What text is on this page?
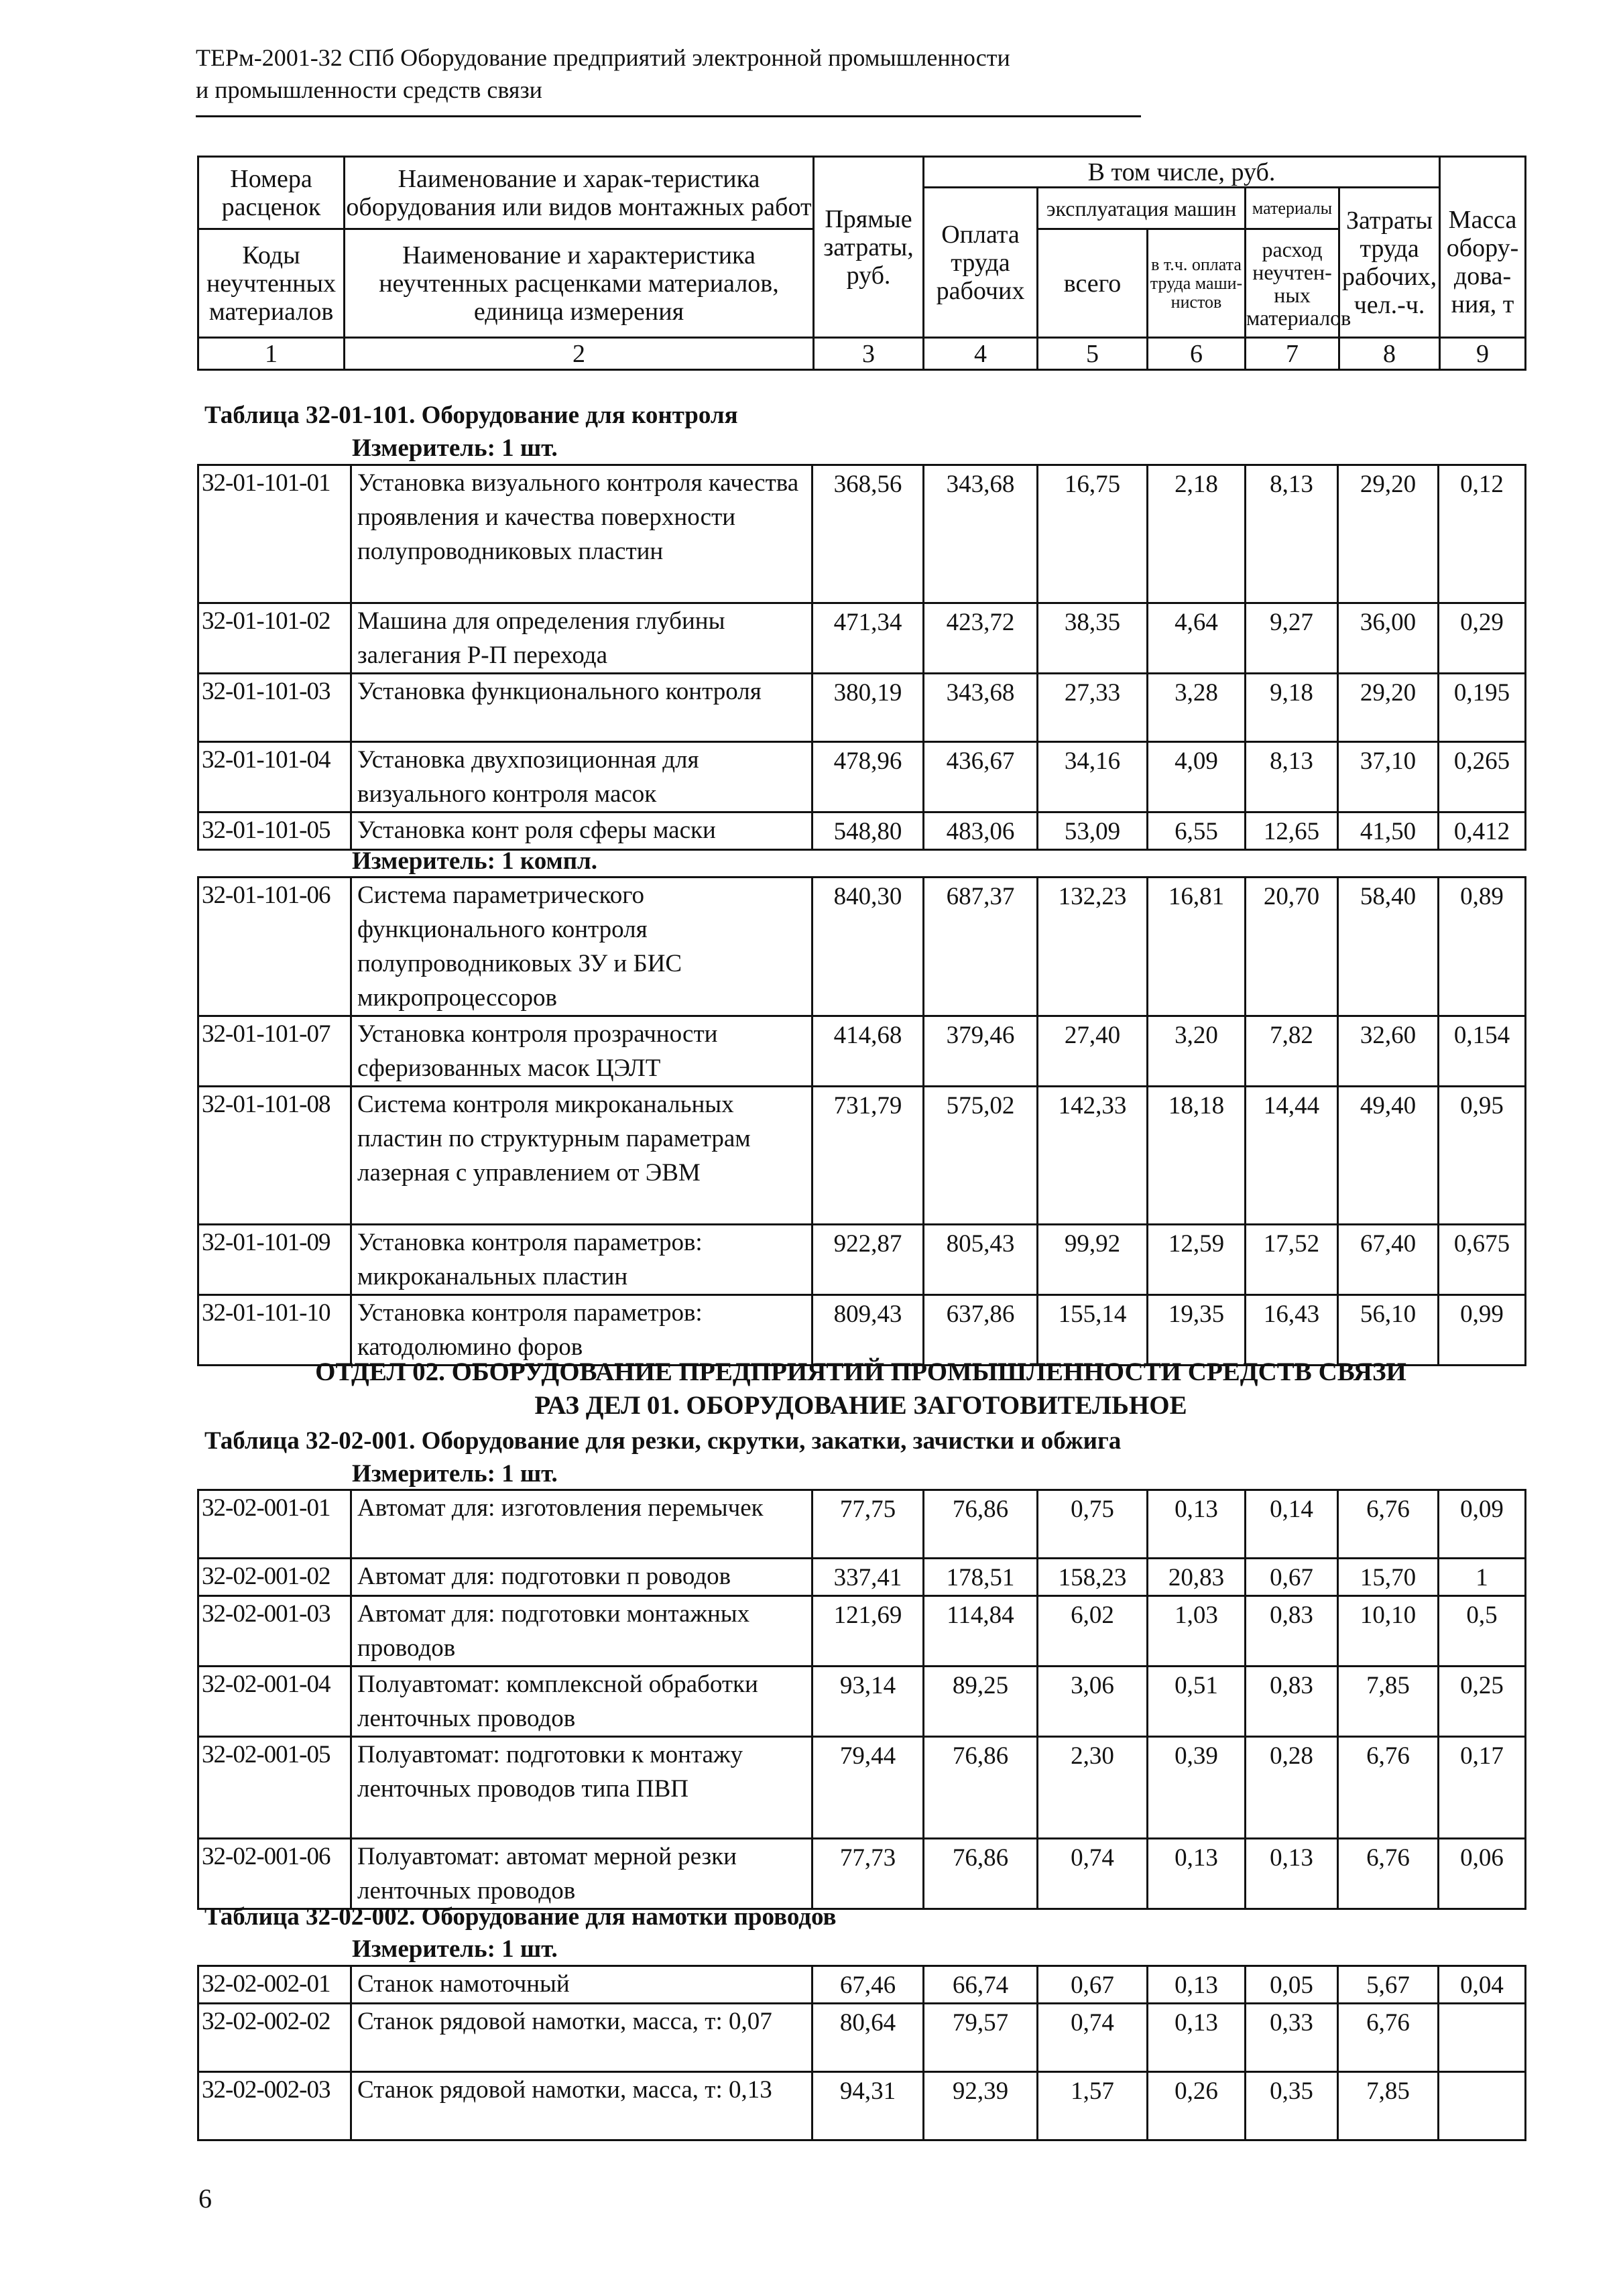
ТЕРм-2001-32 СПб Оборудование предприятий электронной промышленности
и промышленности средств связи
Номера расценок	Наименование и харак-теристика оборудования или видов монтажных работ	Прямые затраты, руб.	В том числе, руб.					
			Оплата труда рабочих	эксплуатация машин		материалы	Затраты труда рабочих, чел.-ч.	Масса обору-дова-ния, т

Коды неучтенных материалов	Наименование и характеристика неучтенных расценками материалов, единица измерения			всего	в т.ч. оплата труда маши-нистов	расход неучтен-ных материалов		

1	2	3	4	5	6	7	8	9
Таблица 32-01-101. Оборудование для контроля
Измеритель: 1 шт.
32-01-101-01	Установка визуального контроля качества проявления и качества поверхности полупроводниковых пластин	368,56	343,68	16,75	2,18	8,13	29,20	0,12
32-01-101-02	Машина для определения глубины залегания Р-П перехода	471,34	423,72	38,35	4,64	9,27	36,00	0,29
32-01-101-03	Установка функционального контроля	380,19	343,68	27,33	3,28	9,18	29,20	0,195
32-01-101-04	Установка двухпозиционная для визуального контроля масок	478,96	436,67	34,16	4,09	8,13	37,10	0,265
32-01-101-05	Установка конт роля сферы маски	548,80	483,06	53,09	6,55	12,65	41,50	0,412
Измеритель: 1 компл.
32-01-101-06	Система параметрического функционального контроля полупроводниковых ЗУ и БИС микропроцессоров	840,30	687,37	132,23	16,81	20,70	58,40	0,89
32-01-101-07	Установка контроля прозрачности сферизованных масок ЦЭЛТ	414,68	379,46	27,40	3,20	7,82	32,60	0,154
32-01-101-08	Система контроля микроканальных пластин по структурным параметрам лазерная с управлением от ЭВМ	731,79	575,02	142,33	18,18	14,44	49,40	0,95
32-01-101-09	Установка контроля параметров: микроканальных пластин	922,87	805,43	99,92	12,59	17,52	67,40	0,675
32-01-101-10	Установка контроля параметров: катодолюмино форов	809,43	637,86	155,14	19,35	16,43	56,10	0,99
ОТДЕЛ 02. ОБОРУДОВАНИЕ ПРЕДПРИЯТИЙ ПРОМЫШЛЕННОСТИ СРЕДСТВ СВЯЗИ
РАЗ ДЕЛ 01. ОБОРУДОВАНИЕ ЗАГОТОВИТЕЛЬНОЕ
Таблица 32-02-001. Оборудование для резки, скрутки, закатки, зачистки и обжига
Измеритель: 1 шт.
32-02-001-01	Автомат для: изготовления перемычек	77,75	76,86	0,75	0,13	0,14	6,76	0,09
32-02-001-02	Автомат для: подготовки п роводов	337,41	178,51	158,23	20,83	0,67	15,70	1
32-02-001-03	Автомат для: подготовки монтажных проводов	121,69	114,84	6,02	1,03	0,83	10,10	0,5
32-02-001-04	Полуавтомат: комплексной обработки ленточных проводов	93,14	89,25	3,06	0,51	0,83	7,85	0,25
32-02-001-05	Полуавтомат: подготовки к монтажу ленточных проводов типа ПВП	79,44	76,86	2,30	0,39	0,28	6,76	0,17
32-02-001-06	Полуавтомат: автомат мерной резки ленточных проводов	77,73	76,86	0,74	0,13	0,13	6,76	0,06
Таблица 32-02-002. Оборудование для намотки проводов
Измеритель: 1 шт.
32-02-002-01	Станок намоточный	67,46	66,74	0,67	0,13	0,05	5,67	0,04
32-02-002-02	Станок рядовой намотки, масса, т: 0,07	80,64	79,57	0,74	0,13	0,33	6,76	
32-02-002-03	Станок рядовой намотки, масса, т: 0,13	94,31	92,39	1,57	0,26	0,35	7,85	
6
